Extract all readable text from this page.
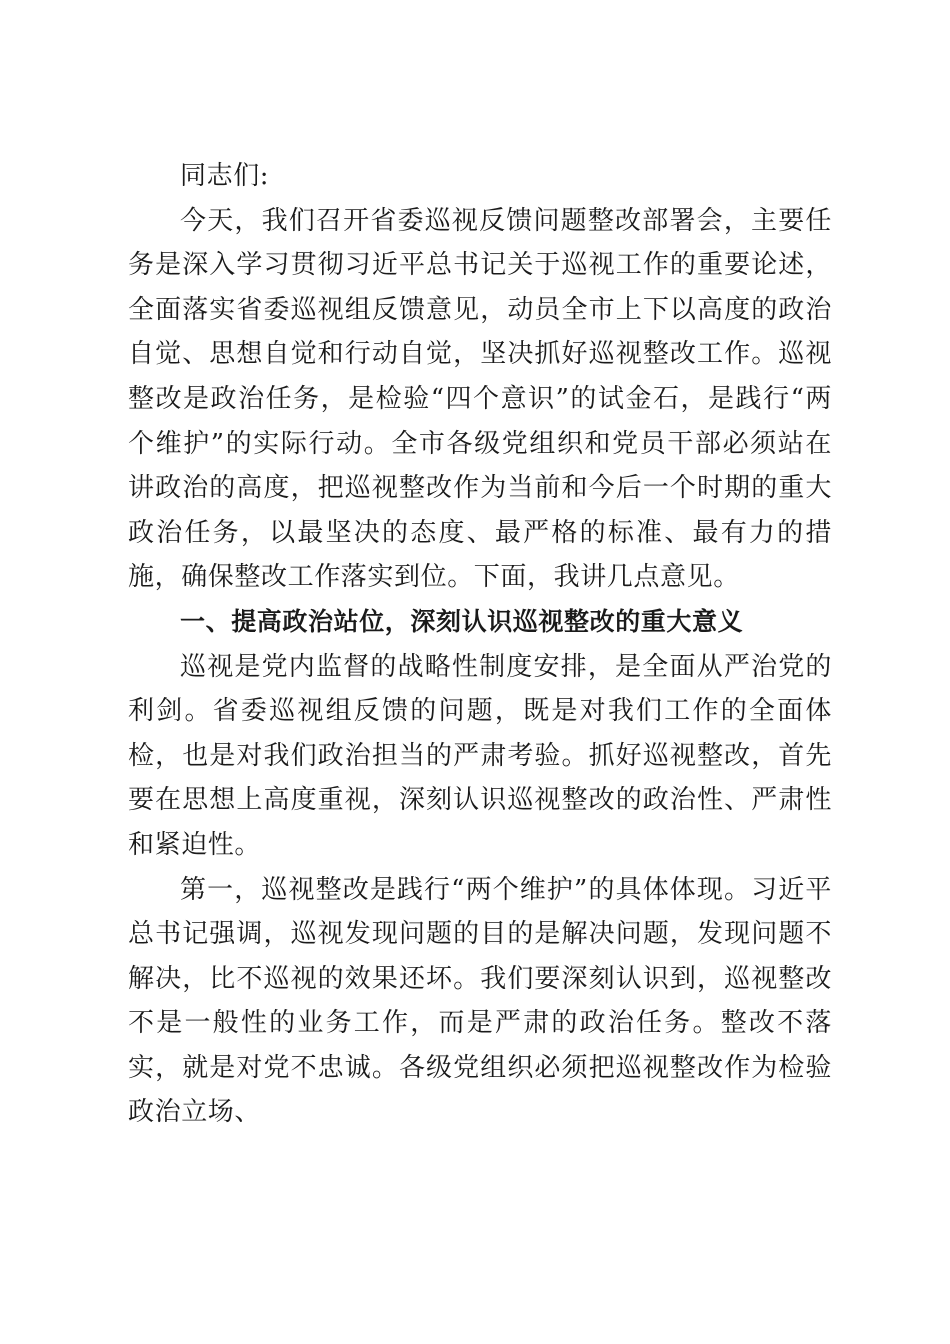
同志们:

今天，我们召开省委巡视反馈问题整改部署会，主要任务是深入学习贯彻习近平总书记关于巡视工作的重要论述，全面落实省委巡视组反馈意见，动员全市上下以高度的政治自觉、思想自觉和行动自觉，坚决抓好巡视整改工作。巡视整改是政治任务，是检验“四个意识”的试金石，是践行“两个维护”的实际行动。全市各级党组织和党员干部必须站在讲政治的高度，把巡视整改作为当前和今后一个时期的重大政治任务，以最坚决的态度、最严格的标准、最有力的措施，确保整改工作落实到位。下面，我讲几点意见。

一、提高政治站位，深刻认识巡视整改的重大意义

巡视是党内监督的战略性制度安排，是全面从严治党的利剑。省委巡视组反馈的问题，既是对我们工作的全面体检，也是对我们政治担当的严肃考验。抓好巡视整改，首先要在思想上高度重视，深刻认识巡视整改的政治性、严肃性和紧迫性。

第一，巡视整改是践行“两个维护”的具体体现。习近平总书记强调，巡视发现问题的目的是解决问题，发现问题不解决，比不巡视的效果还坏。我们要深刻认识到，巡视整改不是一般性的业务工作，而是严肃的政治任务。整改不落实，就是对党不忠诚。各级党组织必须把巡视整改作为检验政治立场、
